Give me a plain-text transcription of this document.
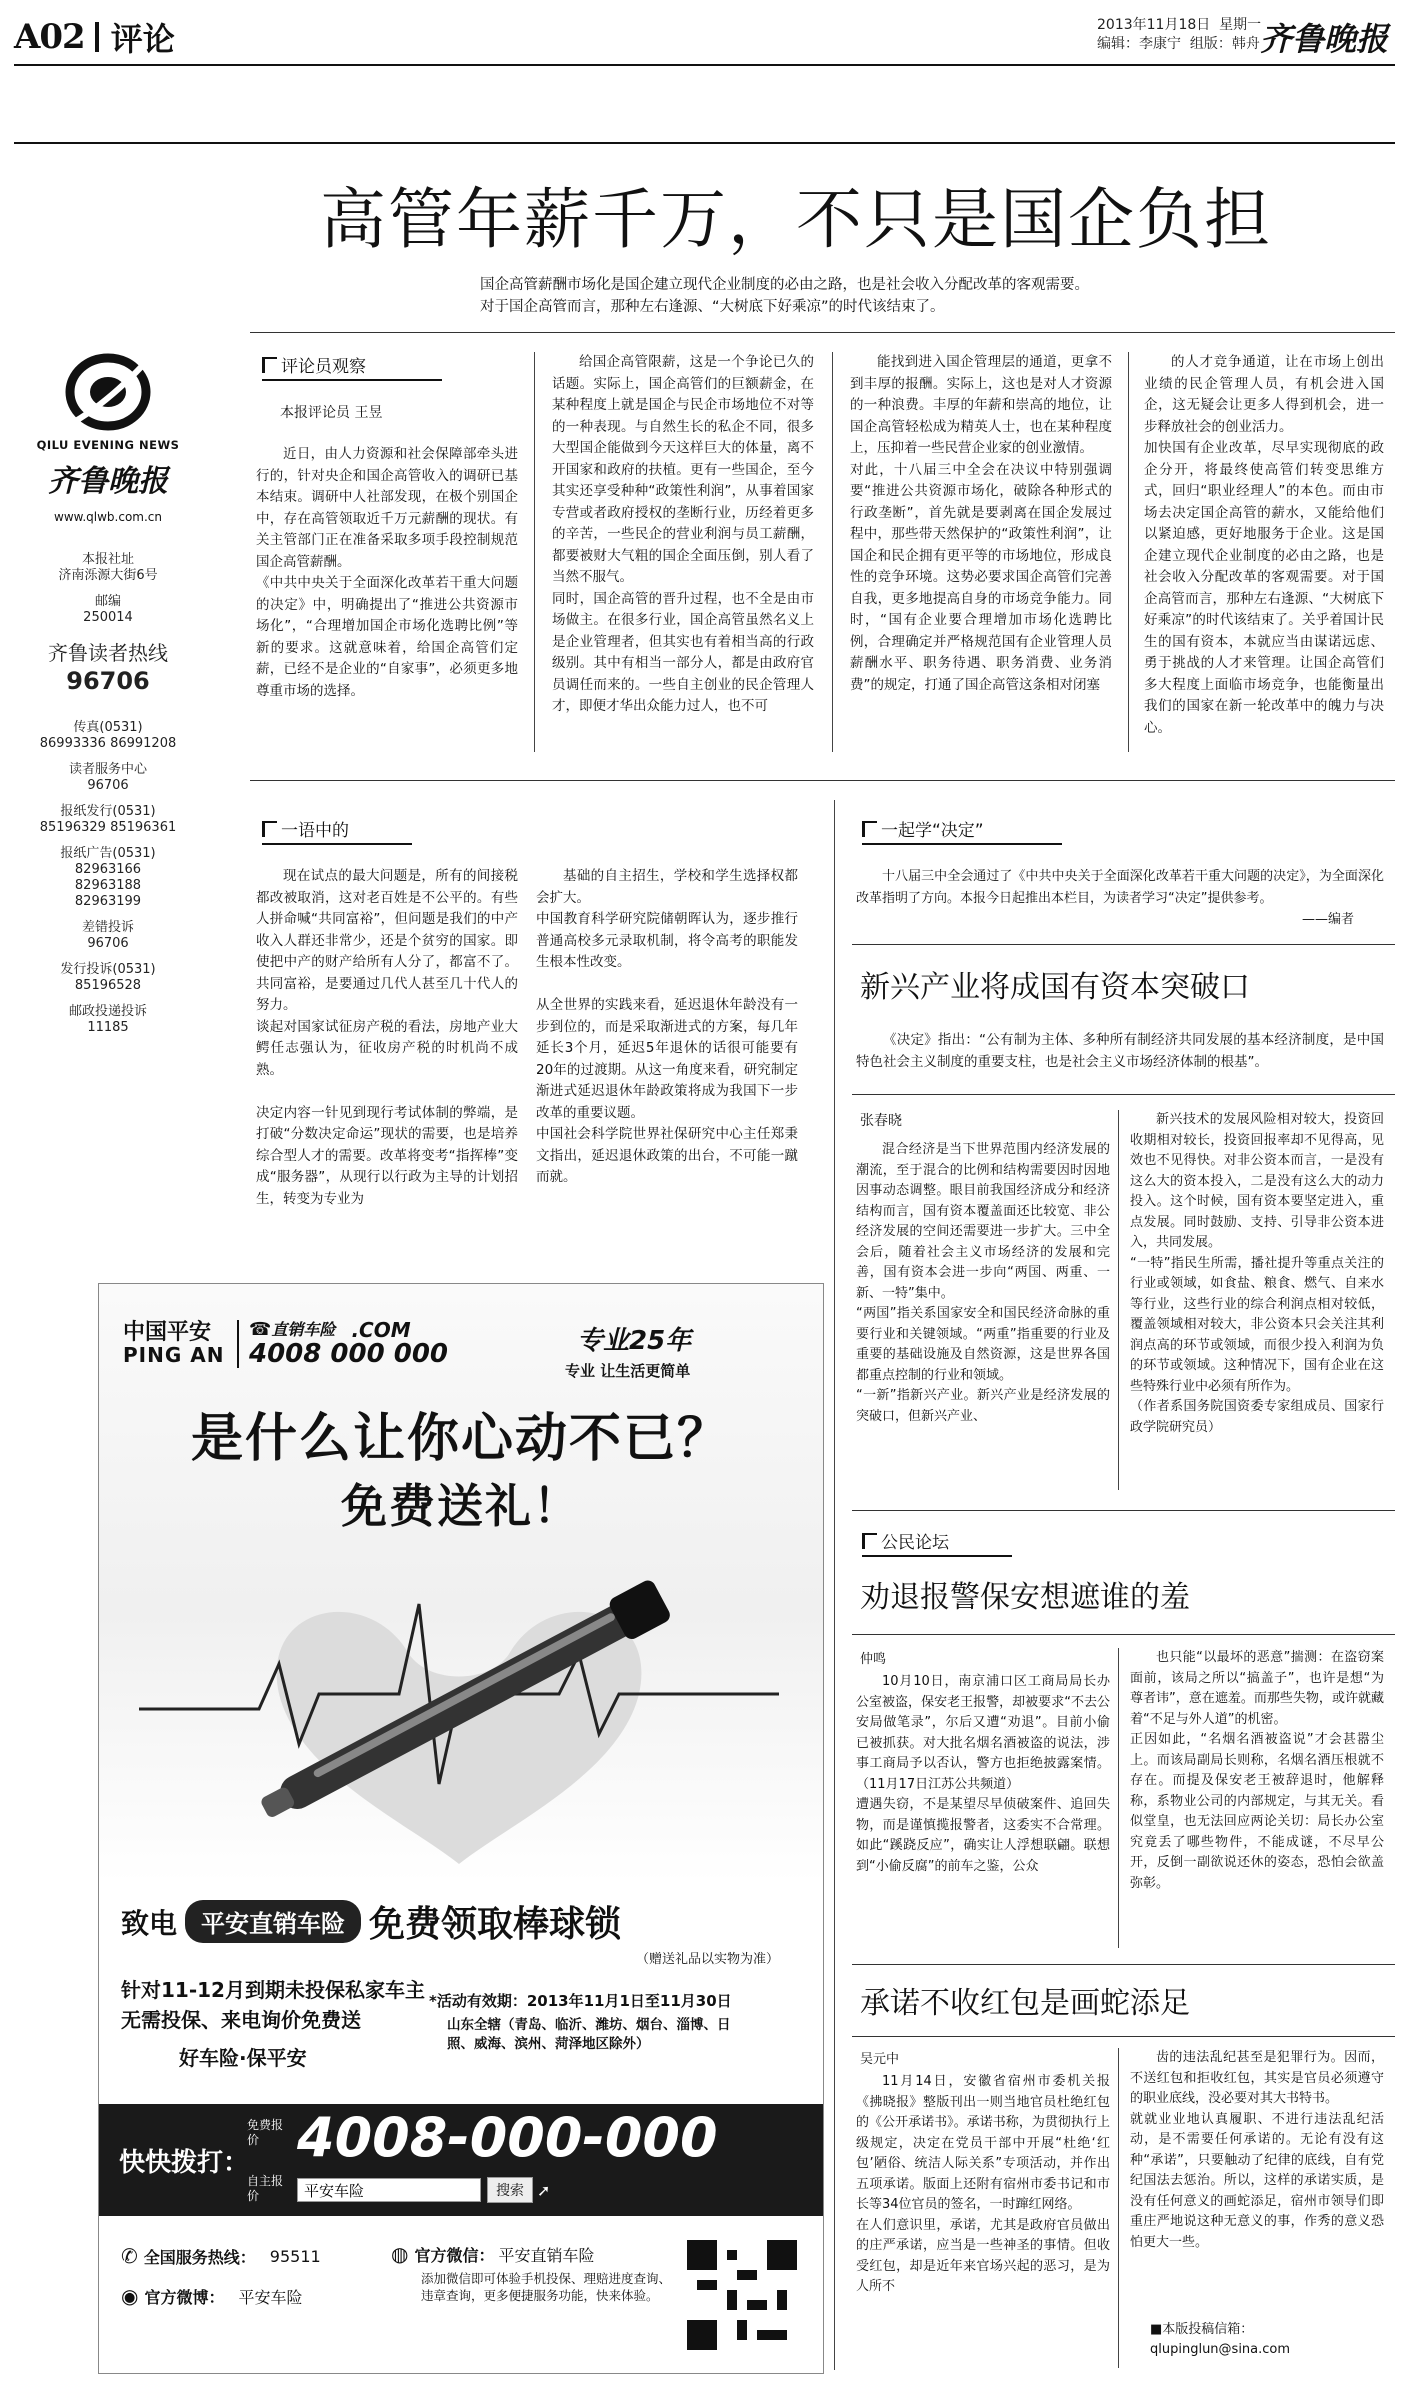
A02 评论	2013年11月18日 星期一
编辑：李康宁 组版：韩舟 齐鲁晚报
QILU EVENING NEWS
齐鲁晚报
www.qlwb.com.cn
本报社址
济南泺源大街6号
邮编
250014
齐鲁读者热线
96706
传真(0531)
86993336 86991208
读者服务中心
96706
报纸发行(0531)
85196329 85196361
报纸广告(0531)
82963166 82963188 82963199
差错投诉
96706
发行投诉(0531)
85196528
邮政投递投诉
11185
高管年薪千万，不只是国企负担
国企高管薪酬市场化是国企建立现代企业制度的必由之路，也是社会收入分配改革的客观需要。
对于国企高管而言，那种左右逢源、“大树底下好乘凉”的时代该结束了。
评论员观察
本报评论员 王昱

近日，由人力资源和社会保障部牵头进行的，针对央企和国企高管收入的调研已基本结束。调研中人社部发现，在极个别国企中，存在高管领取近千万元薪酬的现状。有关主管部门正在准备采取多项手段控制规范国企高管薪酬。
《中共中央关于全面深化改革若干重大问题的决定》中，明确提出了“推进公共资源市场化”，“合理增加国企市场化选聘比例”等新的要求。这就意味着，给国企高管们定薪，已经不是企业的“自家事”，必须更多地尊重市场的选择。

给国企高管限薪，这是一个争论已久的话题。实际上，国企高管们的巨额薪金，在某种程度上就是国企与民企市场地位不对等的一种表现。与自然生长的私企不同，很多大型国企能做到今天这样巨大的体量，离不开国家和政府的扶植。更有一些国企，至今其实还享受种种“政策性利润”，从事着国家专营或者政府授权的垄断行业，历经着更多的辛苦，一些民企的营业利润与员工薪酬，都要被财大气粗的国企全面压倒，别人看了当然不服气。
同时，国企高管的晋升过程，也不全是由市场做主。在很多行业，国企高管虽然名义上是企业管理者，但其实也有着相当高的行政级别。其中有相当一部分人，都是由政府官员调任而来的。一些自主创业的民企管理人才，即便才华出众能力过人，也不可

能找到进入国企管理层的通道，更拿不到丰厚的报酬。实际上，这也是对人才资源的一种浪费。丰厚的年薪和崇高的地位，让国企高管轻松成为精英人士，也在某种程度上，压抑着一些民营企业家的创业激情。
对此，十八届三中全会在决议中特别强调要“推进公共资源市场化，破除各种形式的行政垄断”，首先就是要剥离在国企发展过程中，那些带天然保护的“政策性利润”，让国企和民企拥有更平等的市场地位，形成良性的竞争环境。这势必要求国企高管们完善自我，更多地提高自身的市场竞争能力。同时，“国有企业要合理增加市场化选聘比例，合理确定并严格规范国有企业管理人员薪酬水平、职务待遇、职务消费、业务消费”的规定，打通了国企高管这条相对闭塞

的人才竞争通道，让在市场上创出业绩的民企管理人员，有机会进入国企，这无疑会让更多人得到机会，进一步释放社会的创业活力。
加快国有企业改革，尽早实现彻底的政企分开，将最终使高管们转变思维方式，回归“职业经理人”的本色。而由市场去决定国企高管的薪水，又能给他们以紧迫感，更好地服务于企业。这是国企建立现代企业制度的必由之路，也是社会收入分配改革的客观需要。对于国企高管而言，那种左右逢源、“大树底下好乘凉”的时代该结束了。关乎着国计民生的国有资本，本就应当由谋诺远虑、勇于挑战的人才来管理。让国企高管们多大程度上面临市场竞争，也能衡量出我们的国家在新一轮改革中的魄力与决心。

一语中的

现在试点的最大问题是，所有的间接税都改被取消，这对老百姓是不公平的。有些人拼命喊“共同富裕”，但问题是我们的中产收入人群还非常少，还是个贫穷的国家。即使把中产的财产给所有人分了，都富不了。共同富裕，是要通过几代人甚至几十代人的努力。
谈起对国家试征房产税的看法，房地产业大鳄任志强认为，征收房产税的时机尚不成熟。

决定内容一针见到现行考试体制的弊端，是打破“分数决定命运”现状的需要，也是培养综合型人才的需要。改革将变考“指挥棒”变成“服务器”，从现行以行政为主导的计划招生，转变为专业为

基础的自主招生，学校和学生选择权都会扩大。
中国教育科学研究院储朝晖认为，逐步推行普通高校多元录取机制，将令高考的职能发生根本性改变。

从全世界的实践来看，延迟退休年龄没有一步到位的，而是采取渐进式的方案，每几年延长3个月，延迟5年退休的话很可能要有20年的过渡期。从这一角度来看，研究制定渐进式延迟退休年龄政策将成为我国下一步改革的重要议题。
中国社会科学院世界社保研究中心主任郑秉文指出，延迟退休政策的出台，不可能一蹴而就。

一起学“决定”

十八届三中全会通过了《中共中央关于全面深化改革若干重大问题的决定》，为全面深化改革指明了方向。本报今日起推出本栏目，为读者学习“决定”提供参考。

——编者
新兴产业将成国有资本突破口

《决定》指出：“公有制为主体、多种所有制经济共同发展的基本经济制度，是中国特色社会主义制度的重要支柱，也是社会主义市场经济体制的根基”。

张春晓

混合经济是当下世界范围内经济发展的潮流，至于混合的比例和结构需要因时因地因事动态调整。眼目前我国经济成分和经济结构而言，国有资本覆盖面还比较宽、非公经济发展的空间还需要进一步扩大。三中全会后，随着社会主义市场经济的发展和完善，国有资本会进一步向“两国、两重、一新、一特”集中。
“两国”指关系国家安全和国民经济命脉的重要行业和关键领域。“两重”指重要的行业及重要的基础设施及自然资源，这是世界各国都重点控制的行业和领域。
“一新”指新兴产业。新兴产业是经济发展的突破口，但新兴产业、

新兴技术的发展风险相对较大，投资回收期相对较长，投资回报率却不见得高，见效也不见得快。对非公资本而言，一是没有这么大的资本投入，二是没有这么大的动力投入。这个时候，国有资本要坚定进入，重点发展。同时鼓励、支持、引导非公资本进入，共同发展。
“一特”指民生所需，播社提升等重点关注的行业或领域，如食盐、粮食、燃气、自来水等行业，这些行业的综合利润点相对较低，覆盖领域相对较大，非公资本只会关注其利润点高的环节或领域，而很少投入利润为负的环节或领域。这种情况下，国有企业在这些特殊行业中必须有所作为。
（作者系国务院国资委专家组成员、国家行政学院研究员）

公民论坛
劝退报警保安想遮谁的羞
仲鸣

10月10日，南京浦口区工商局局长办公室被盗，保安老王报警，却被要求“不去公安局做笔录”，尔后又遭“劝退”。目前小偷已被抓获。对大批名烟名酒被盗的说法，涉事工商局予以否认，警方也拒绝披露案情。（11月17日江苏公共频道）
遭遇失窃，不是某望尽早侦破案件、追回失物，而是谨慎揽报警者，这委实不合常理。如此“蹊跷反应”，确实让人浮想联翩。联想到“小偷反腐”的前车之鉴，公众

也只能“以最坏的恶意”揣测：在盗窃案面前，该局之所以“搞盖子”，也许是想“为尊者讳”，意在遮羞。而那些失物，或许就藏着“不足与外人道”的机密。
正因如此，“名烟名酒被盗说”才会甚嚣尘上。而该局副局长则称，名烟名酒压根就不存在。而提及保安老王被辞退时，他解释称，系物业公司的内部规定，与其无关。看似堂皇，也无法回应两论关切：局长办公室究竟丢了哪些物件，不能成谜，不尽早公开，反倒一副欲说还休的姿态，恐怕会欲盖弥彰。

承诺不收红包是画蛇添足
吴元中

11月14日，安徽省宿州市委机关报《拂晓报》整版刊出一则当地官员杜绝红包的《公开承诺书》。承诺书称，为贯彻执行上级规定，决定在党员干部中开展“杜绝‘红包’陋俗、统洁人际关系”专项活动，并作出五项承诺。版面上还附有宿州市委书记和市长等34位官员的签名，一时蹿红网络。
在人们意识里，承诺，尤其是政府官员做出的庄严承诺，应当是一些神圣的事情。但收受红包，却是近年来官场兴起的恶习，是为人所不

齿的违法乱纪甚至是犯罪行为。因而，不送红包和拒收红包，其实是官员必须遵守的职业底线，没必要对其大书特书。
就就业业地认真履职、不进行违法乱纪活动，是不需要任何承诺的。无论有没有这种“承诺”，只要触动了纪律的底线，自有党纪国法去惩治。所以，这样的承诺实质，是没有任何意义的画蛇添足，宿州市领导们即重庄严地说这种无意义的事，作秀的意义恐怕更大一些。

■本版投稿信箱：
qlupinglun@sina.com
中国平安
PING AN
☎ 直销车险 .COM
4008 000 000	专业25年
专业 让生活更简单
是什么让你心动不已？
免费送礼！
致电	平安直销车险 免费领取棒球锁
（赠送礼品以实物为准）
针对11-12月到期未投保私家车主
无需投保、来电询价免费送
好车险·保平安
*活动有效期：2013年11月1日至11月30日
山东全辖（青岛、临沂、潍坊、烟台、淄博、日照、威海、滨州、菏泽地区除外）
快快拨打：
免费报价 4008-000-000
自主报价
平安车险	搜索 ➚
✆ 全国服务热线： 95511
◉ 官方微博： 平安车险
◍ 官方微信： 平安直销车险
添加微信即可体验手机投保、理赔进度查询、违章查询，更多便捷服务功能，快来体验。
